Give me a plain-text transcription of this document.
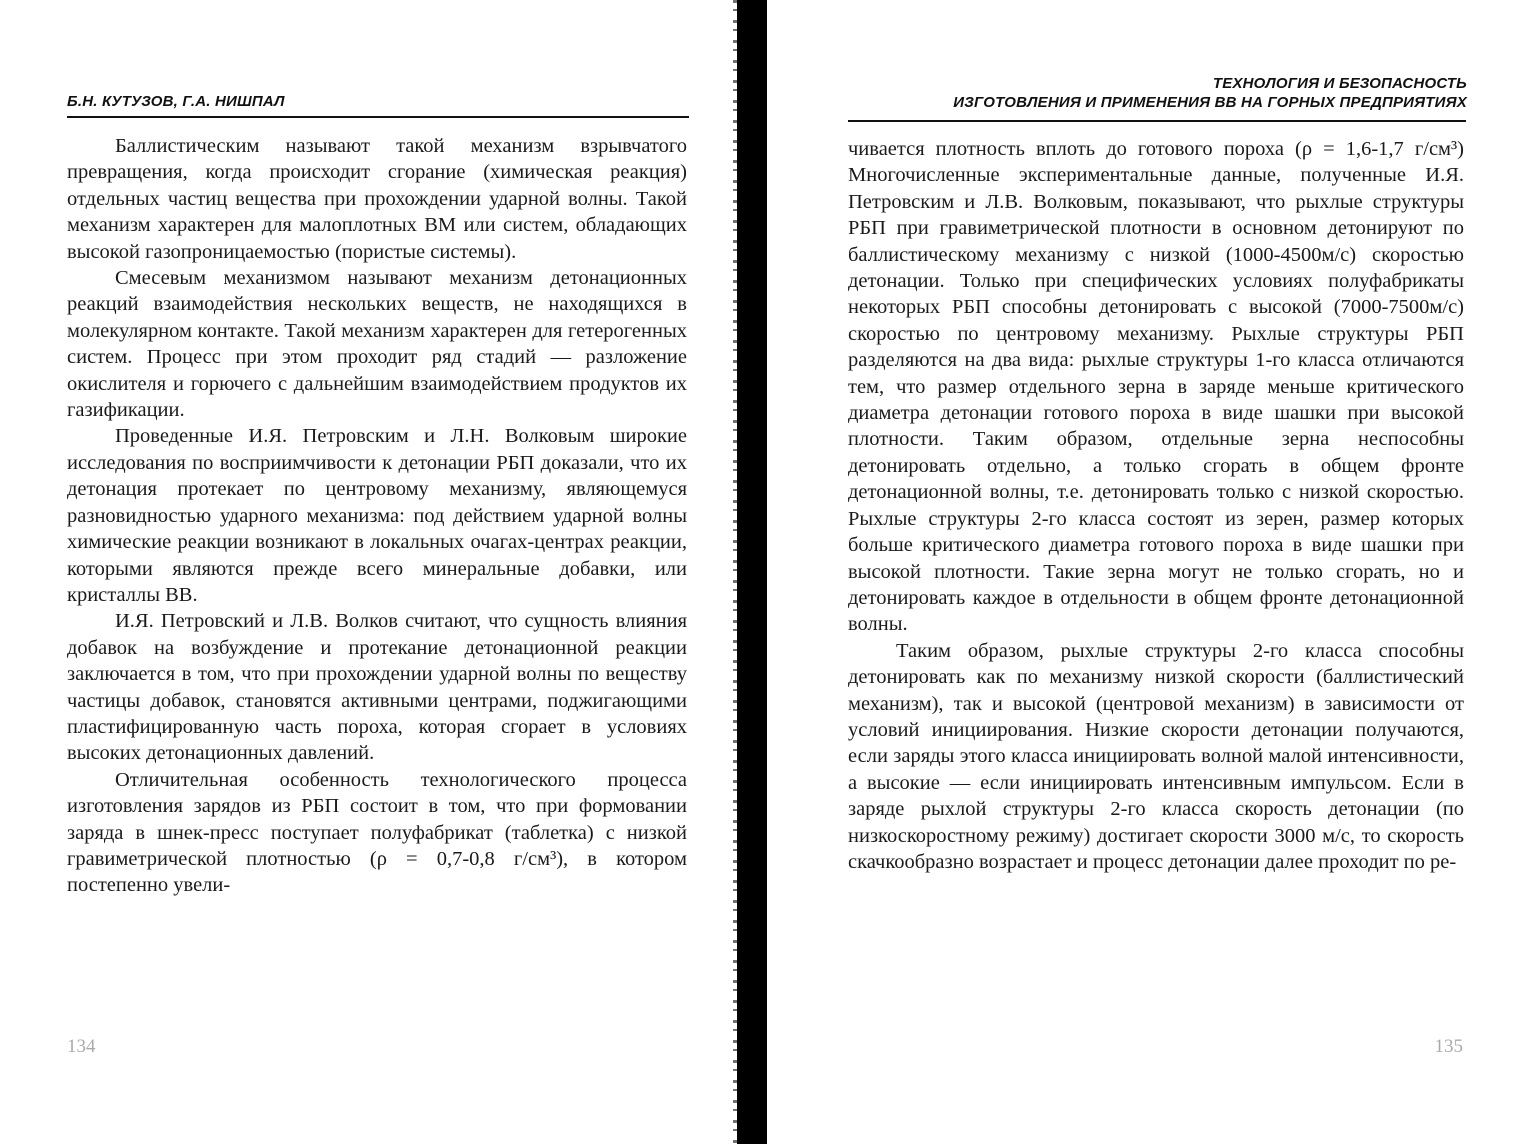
Б.Н. КУТУЗОВ, Г.А. НИШПАЛ

Баллистическим называют такой механизм взрывчатого превращения, когда происходит сгорание (химическая реакция) отдельных частиц вещества при прохождении ударной волны. Такой механизм характерен для малоплотных ВМ или систем, обладающих высокой газопроницаемостью (пористые системы).

Смесевым механизмом называют механизм детонационных реакций взаимодействия нескольких веществ, не находящихся в молекулярном контакте. Такой механизм характерен для гетерогенных систем. Процесс при этом проходит ряд стадий — разложение окислителя и горючего с дальнейшим взаимодействием продуктов их газификации.

Проведенные И.Я. Петровским и Л.Н. Волковым широкие исследования по восприимчивости к детонации РБП доказали, что их детонация протекает по центровому механизму, являющемуся разновидностью ударного механизма: под действием ударной волны химические реакции возникают в локальных очагах-центрах реакции, которыми являются прежде всего минеральные добавки, или кристаллы ВВ.

И.Я. Петровский и Л.В. Волков считают, что сущность влияния добавок на возбуждение и протекание детонационной реакции заключается в том, что при прохождении ударной волны по веществу частицы добавок, становятся активными центрами, поджигающими пластифицированную часть пороха, которая сгорает в условиях высоких детонационных давлений.

Отличительная особенность технологического процесса изготовления зарядов из РБП состоит в том, что при формовании заряда в шнек-пресс поступает полуфабрикат (таблетка) с низкой гравиметрической плотностью (ρ = 0,7-0,8 г/см³), в котором постепенно увели-

134
ТЕХНОЛОГИЯ И БЕЗОПАСНОСТЬ
ИЗГОТОВЛЕНИЯ И ПРИМЕНЕНИЯ ВВ НА ГОРНЫХ ПРЕДПРИЯТИЯХ

чивается плотность вплоть до готового пороха (ρ = 1,6-1,7 г/см³) Многочисленные экспериментальные данные, полученные И.Я. Петровским и Л.В. Волковым, показывают, что рыхлые структуры РБП при гравиметрической плотности в основном детонируют по баллистическому механизму с низкой (1000-4500м/с) скоростью детонации. Только при специфических условиях полуфабрикаты некоторых РБП способны детонировать с высокой (7000-7500м/с) скоростью по центровому механизму. Рыхлые структуры РБП разделяются на два вида: рыхлые структуры 1-го класса отличаются тем, что размер отдельного зерна в заряде меньше критического диаметра детонации готового пороха в виде шашки при высокой плотности. Таким образом, отдельные зерна неспособны детонировать отдельно, а только сгорать в общем фронте детонационной волны, т.е. детонировать только с низкой скоростью. Рыхлые структуры 2-го класса состоят из зерен, размер которых больше критического диаметра готового пороха в виде шашки при высокой плотности. Такие зерна могут не только сгорать, но и детонировать каждое в отдельности в общем фронте детонационной волны.

Таким образом, рыхлые структуры 2-го класса способны детонировать как по механизму низкой скорости (баллистический механизм), так и высокой (центровой механизм) в зависимости от условий инициирования. Низкие скорости детонации получаются, если заряды этого класса инициировать волной малой интенсивности, а высокие — если инициировать интенсивным импульсом. Если в заряде рыхлой структуры 2-го класса скорость детонации (по низкоскоростному режиму) достигает скорости 3000 м/с, то скорость скачкообразно возрастает и процесс детонации далее проходит по ре-

135
